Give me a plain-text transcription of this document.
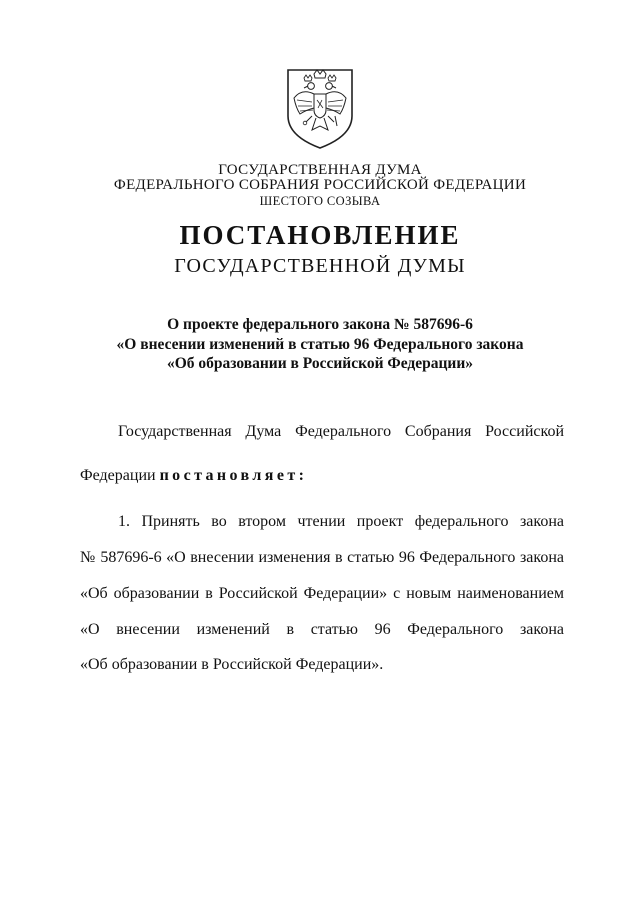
ГОСУДАРСТВЕННАЯ ДУМА
ФЕДЕРАЛЬНОГО СОБРАНИЯ РОССИЙСКОЙ ФЕДЕРАЦИИ
ШЕСТОГО СОЗЫВА
ПОСТАНОВЛЕНИЕ
ГОСУДАРСТВЕННОЙ ДУМЫ
О проекте федерального закона № 587696-6
«О внесении изменений в статью 96 Федерального закона
«Об образовании в Российской Федерации»
Государственная Дума Федерального Собрания Российской
Федерации постановляет:
1. Принять во втором чтении проект федерального закона
№ 587696-6 «О внесении изменения в статью 96 Федерального закона
«Об образовании в Российской Федерации» с новым наименованием
«О внесении изменений в статью 96 Федерального закона
«Об образовании в Российской Федерации».
